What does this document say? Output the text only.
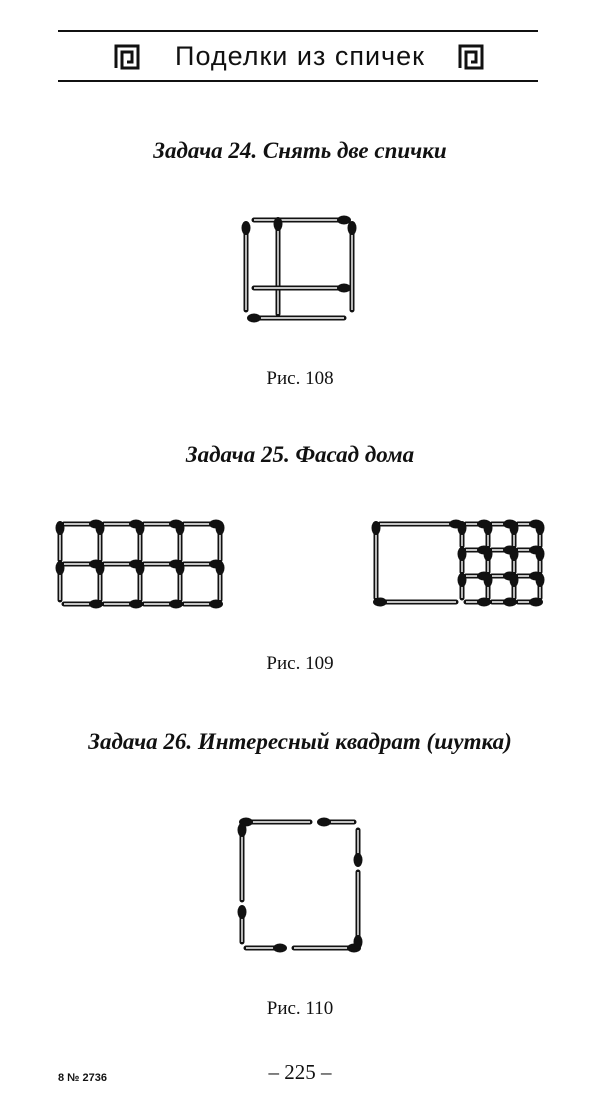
Поделки из спичек
Задача 24. Снять две спички
Рис. 108
Задача 25. Фасад дома
Рис. 109
Задача 26. Интересный квадрат (шутка)
Рис. 110
8 № 2736	– 225 –
